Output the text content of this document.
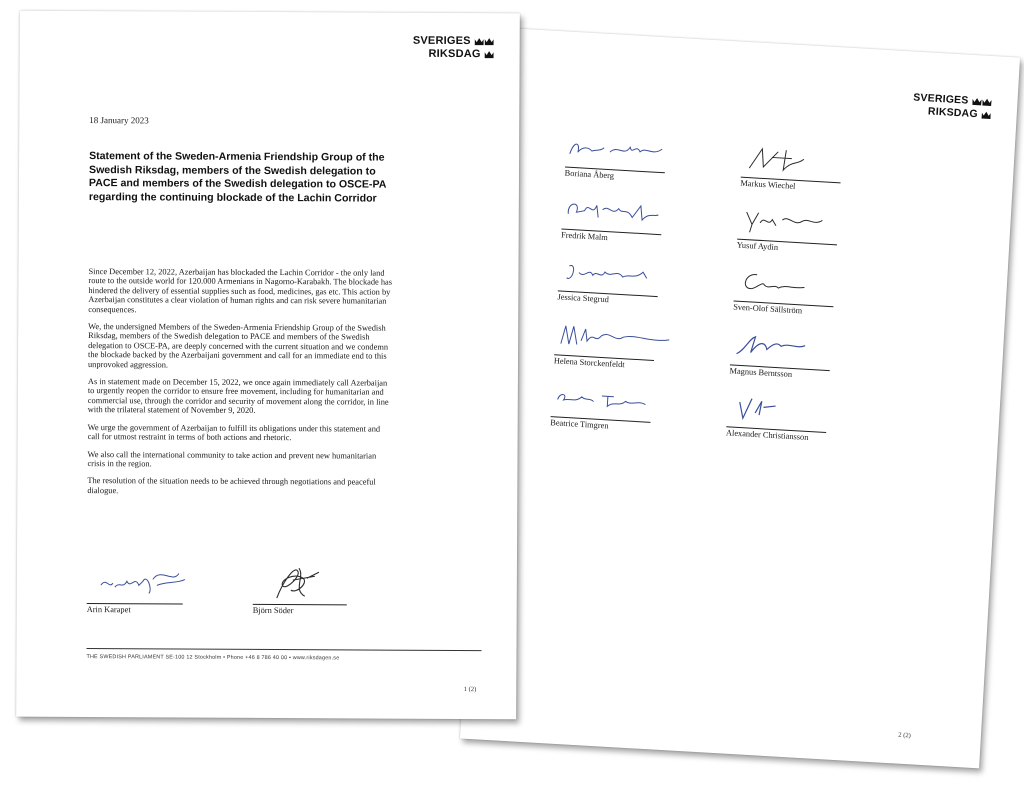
SVERIGES
RIKSDAG
Boriana Åberg
Fredrik Malm
Jessica Stegrud
Helena Storckenfeldt
Beatrice Timgren
Markus Wiechel
Yusuf Aydin
Sven-Olof Sällström
Magnus Berntsson
Alexander Christiansson
2 (2)
SVERIGES
RIKSDAG
18 January 2023
Statement of the Sweden-Armenia Friendship Group of the Swedish Riksdag, members of the Swedish delegation to PACE and members of the Swedish delegation to OSCE-PA regarding the continuing blockade of the Lachin Corridor

Since December 12, 2022, Azerbaijan has blockaded the Lachin Corridor - the only land route to the outside world for 120.000 Armenians in Nagorno-Karabakh. The blockade has hindered the delivery of essential supplies such as food, medicines, gas etc. This action by Azerbaijan constitutes a clear violation of human rights and can risk severe humanitarian consequences.

We, the undersigned Members of the Sweden-Armenia Friendship Group of the Swedish Riksdag, members of the Swedish delegation to PACE and members of the Swedish delegation to OSCE-PA, are deeply concerned with the current situation and we condemn the blockade backed by the Azerbaijani government and call for an immediate end to this unprovoked aggression.

As in statement made on December 15, 2022, we once again immediately call Azerbaijan to urgently reopen the corridor to ensure free movement, including for humanitarian and commercial use, through the corridor and security of movement along the corridor, in line with the trilateral statement of November 9, 2020.

We urge the government of Azerbaijan to fulfill its obligations under this statement and call for utmost restraint in terms of both actions and rhetoric.

We also call the international community to take action and prevent new humanitarian crisis in the region.

The resolution of the situation needs to be achieved through negotiations and peaceful dialogue.

Arin Karapet	Björn Söder
THE SWEDISH PARLIAMENT SE-100 12 Stockholm • Phone +46 8 786 40 00 • www.riksdagen.se
1 (2)
